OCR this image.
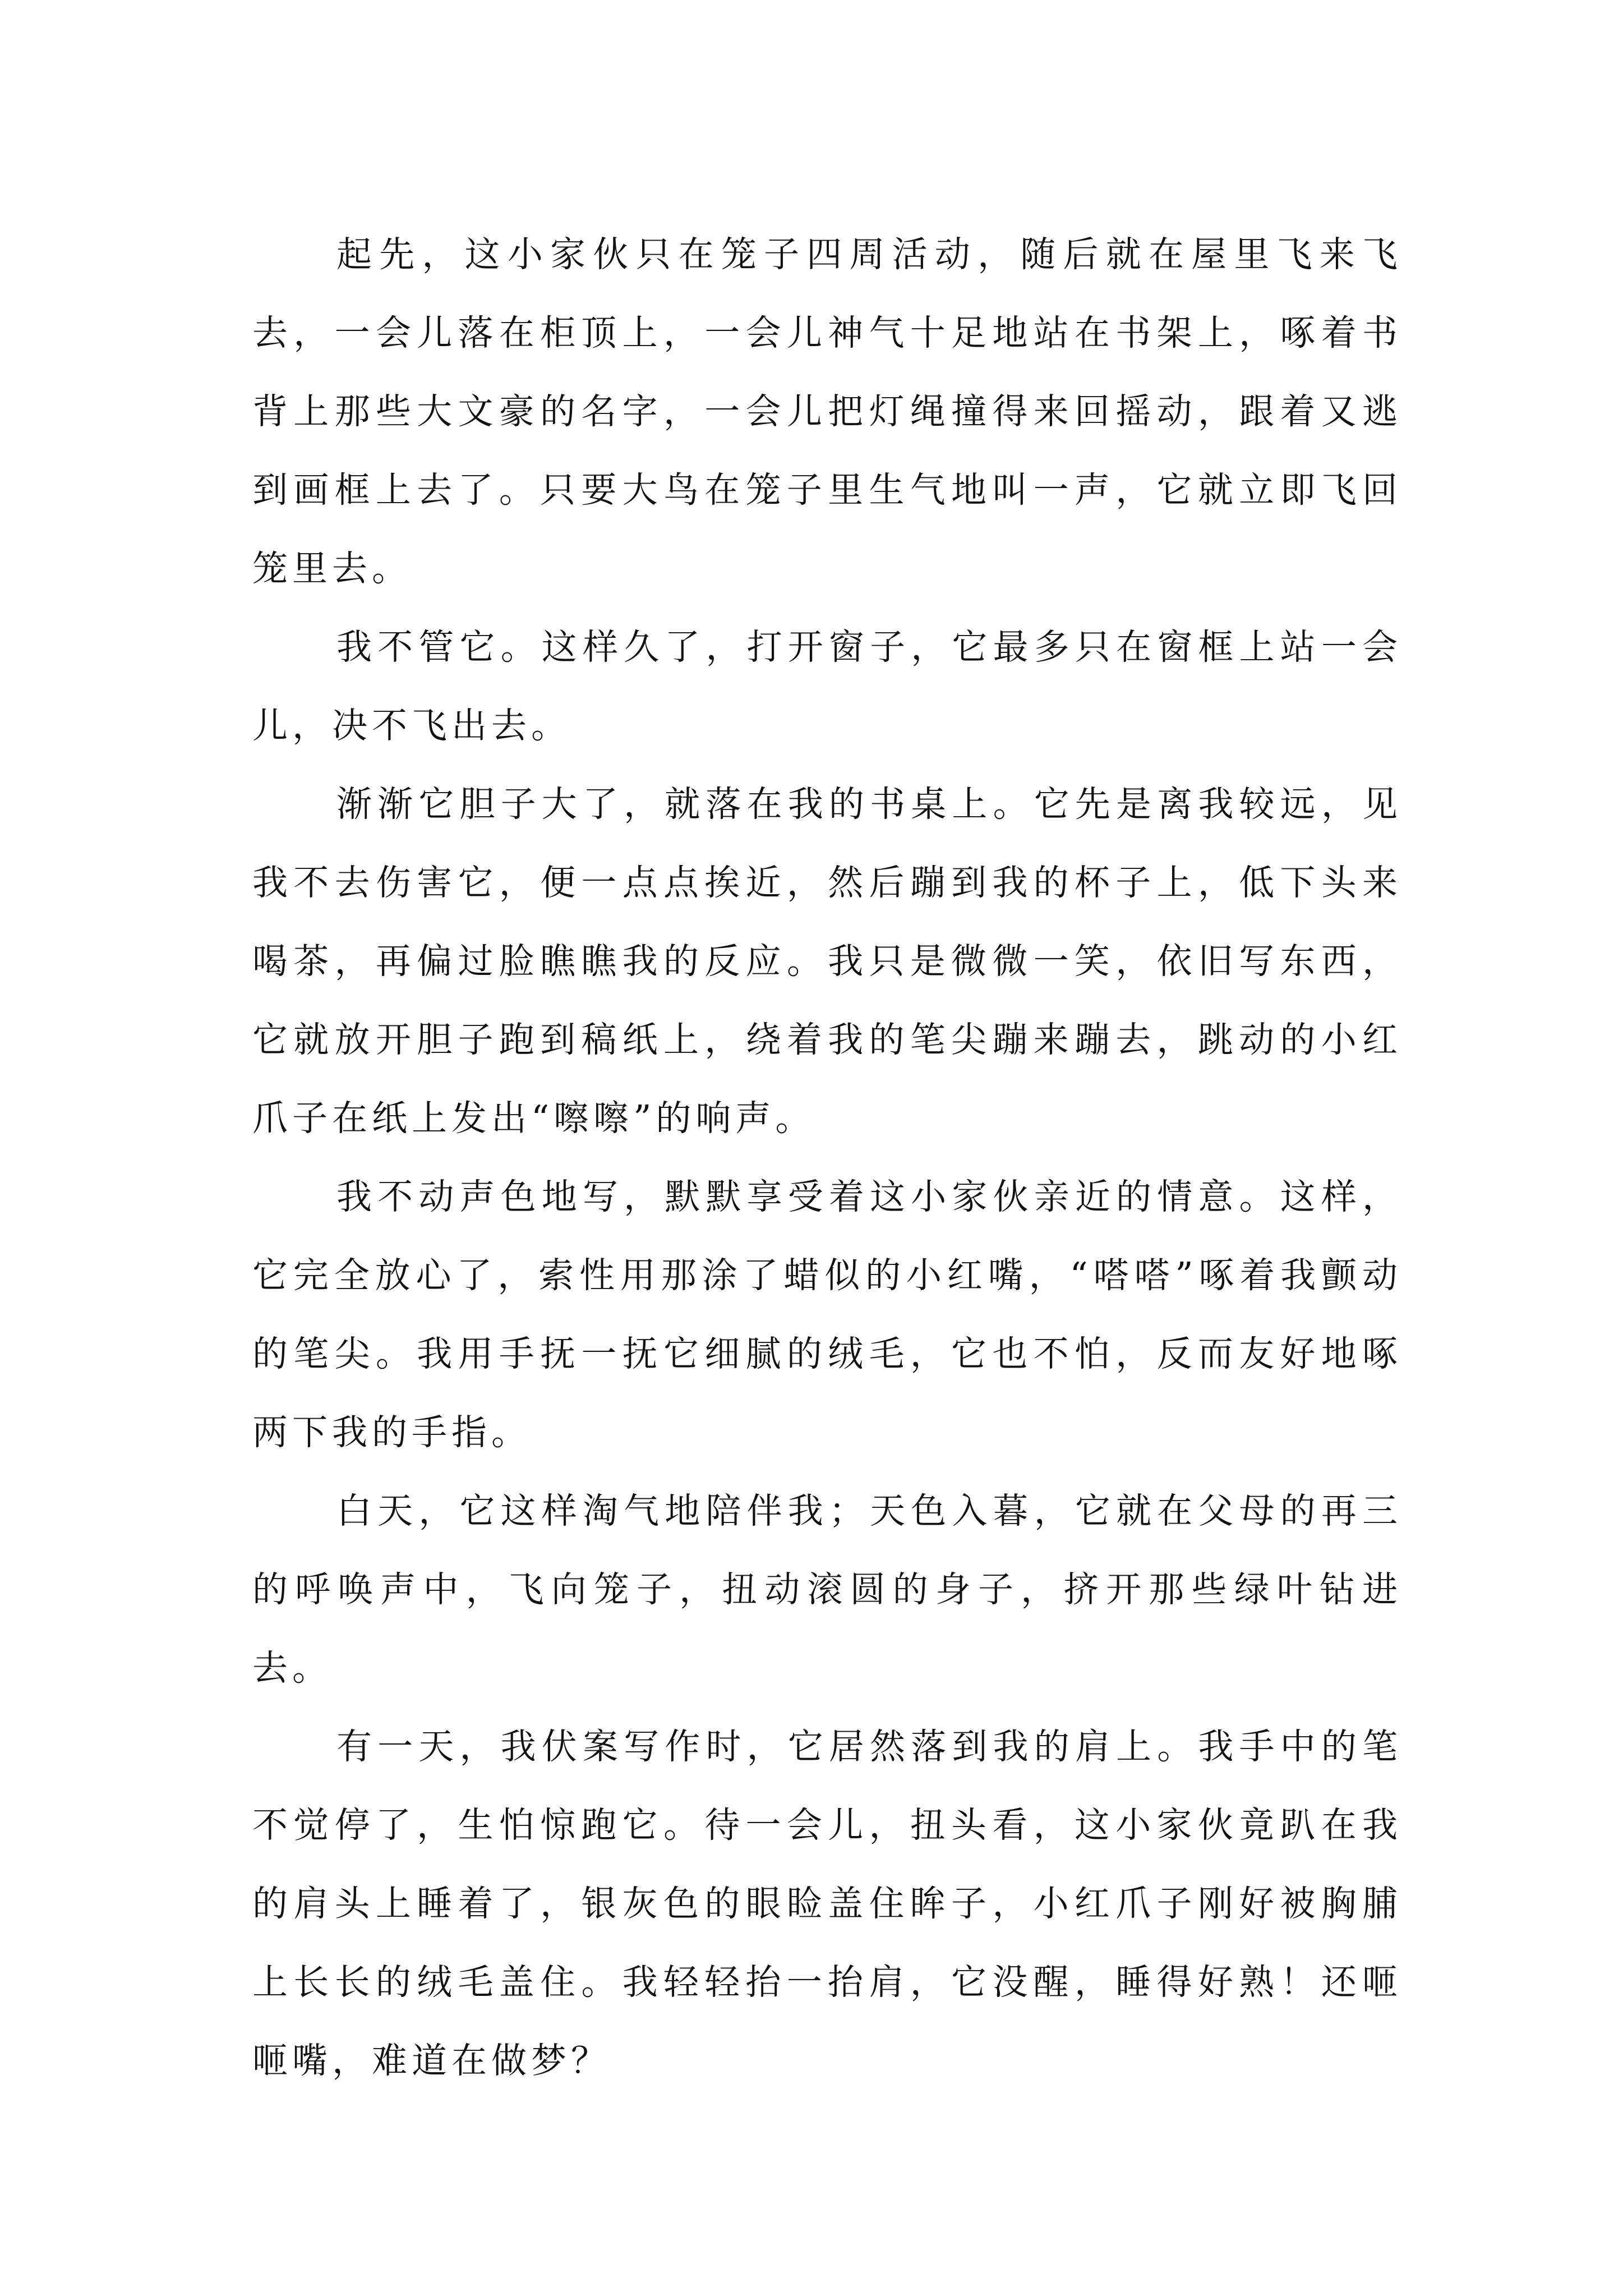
起先，这小家伙只在笼子四周活动，随后就在屋里飞来飞去，一会儿落在柜顶上，一会儿神气十足地站在书架上，啄着书背上那些大文豪的名字，一会儿把灯绳撞得来回摇动，跟着又逃到画框上去了。只要大鸟在笼子里生气地叫一声，它就立即飞回笼里去。

我不管它。这样久了，打开窗子，它最多只在窗框上站一会儿，决不飞出去。

渐渐它胆子大了，就落在我的书桌上。它先是离我较远，见我不去伤害它，便一点点挨近，然后蹦到我的杯子上，低下头来喝茶，再偏过脸瞧瞧我的反应。我只是微微一笑，依旧写东西，它就放开胆子跑到稿纸上，绕着我的笔尖蹦来蹦去，跳动的小红爪子在纸上发出“嚓嚓”的响声。

我不动声色地写，默默享受着这小家伙亲近的情意。这样，它完全放心了，索性用那涂了蜡似的小红嘴，“嗒嗒”啄着我颤动的笔尖。我用手抚一抚它细腻的绒毛，它也不怕，反而友好地啄两下我的手指。

白天，它这样淘气地陪伴我；天色入暮，它就在父母的再三的呼唤声中，飞向笼子，扭动滚圆的身子，挤开那些绿叶钻进去。

有一天，我伏案写作时，它居然落到我的肩上。我手中的笔不觉停了，生怕惊跑它。待一会儿，扭头看，这小家伙竟趴在我的肩头上睡着了，银灰色的眼睑盖住眸子，小红爪子刚好被胸脯上长长的绒毛盖住。我轻轻抬一抬肩，它没醒，睡得好熟！还咂咂嘴，难道在做梦？
